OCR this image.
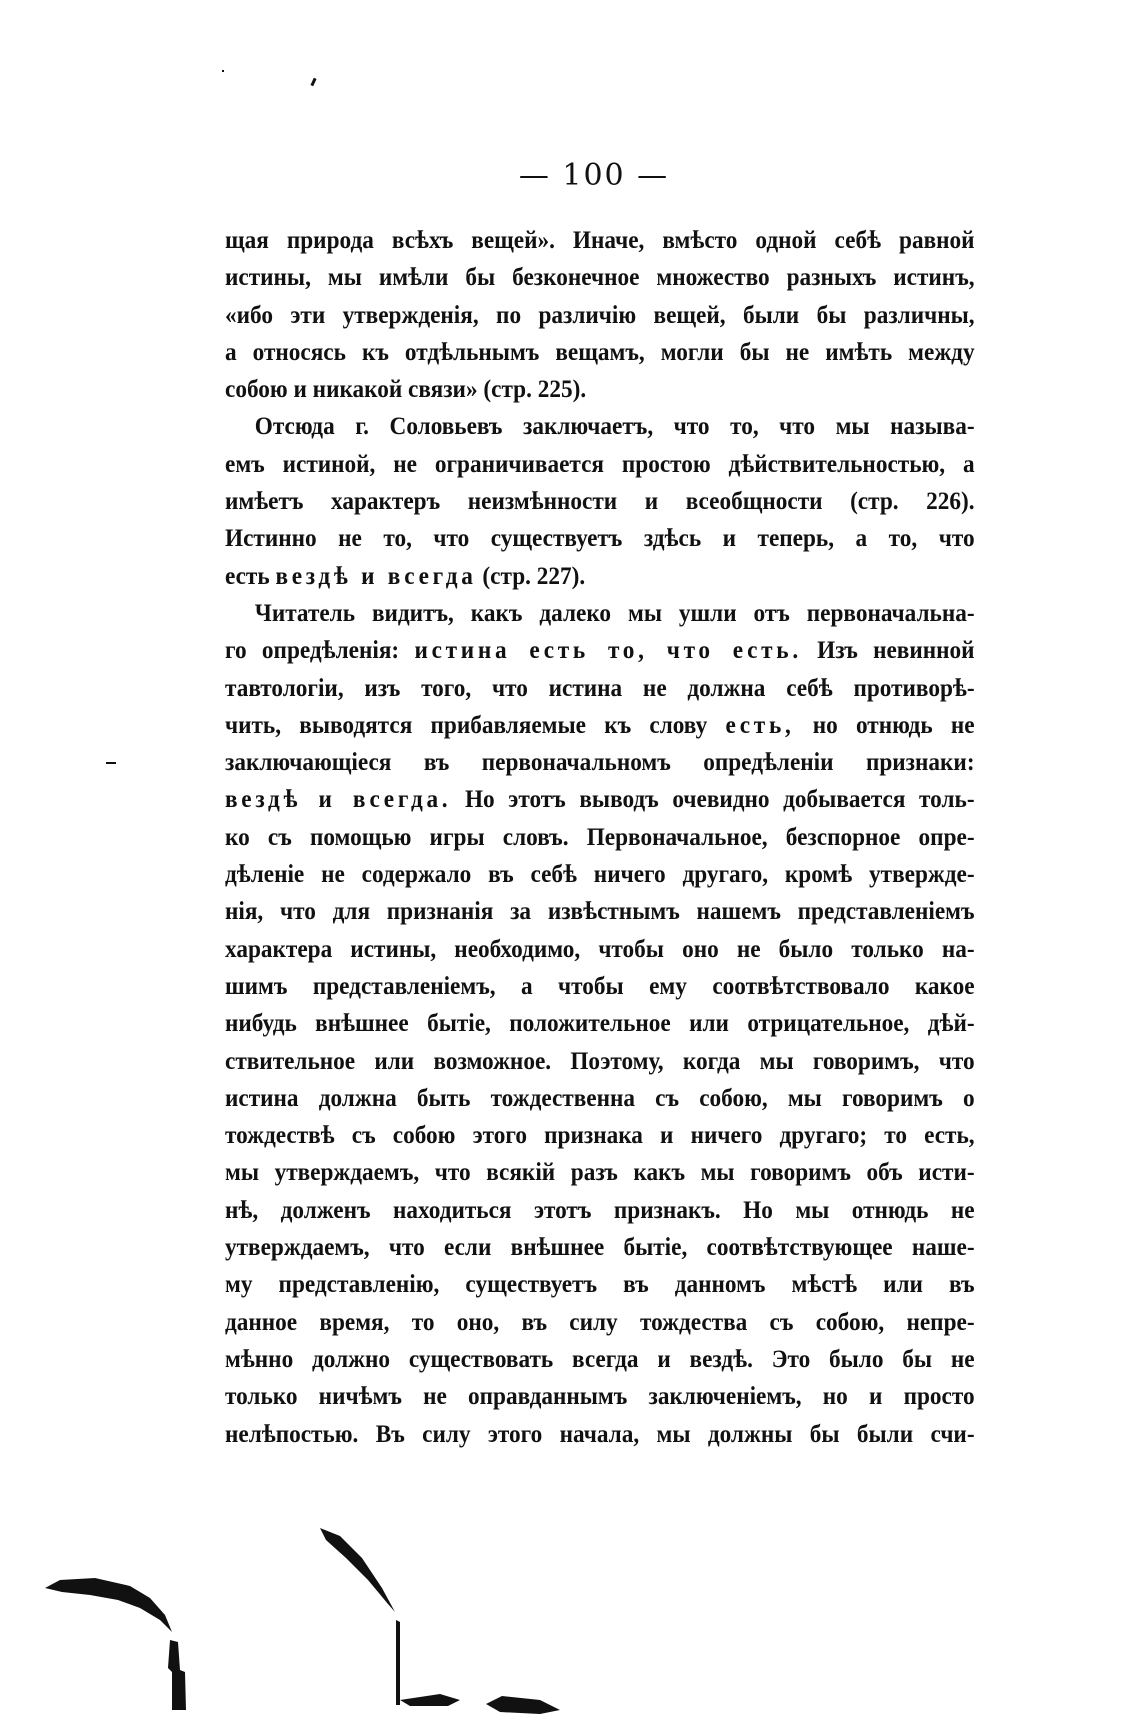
— 100 —
щая природа всѣхъ вещей». Иначе, вмѣсто одной себѣ равной
истины, мы имѣли бы безконечное множество разныхъ истинъ,
«ибо эти утвержденія, по различію вещей, были бы различны,
а относясь къ отдѣльнымъ вещамъ, могли бы не имѣть между
собою и никакой связи» (стр. 225).
Отсюда г. Соловьевъ заключаетъ, что то, что мы называ-
емъ истиной, не ограничивается простою дѣйствительностью, а
имѣетъ характеръ неизмѣнности и всеобщности (стр. 226).
Истинно не то, что существуетъ здѣсь и теперь, а то, что
есть вездѣ и всегда (стр. 227).
Читатель видитъ, какъ далеко мы ушли отъ первоначальна-
го опредѣленія: истина есть то, что есть. Изъ невинной
тавтологіи, изъ того, что истина не должна себѣ противорѣ-
чить, выводятся прибавляемые къ слову есть, но отнюдь не
заключающіеся въ первоначальномъ опредѣленіи признаки:
вездѣ и всегда. Но этотъ выводъ очевидно добывается толь-
ко съ помощью игры словъ. Первоначальное, безспорное опре-
дѣленіе не содержало въ себѣ ничего другаго, кромѣ утвержде-
нія, что для признанія за извѣстнымъ нашемъ представленіемъ
характера истины, необходимо, чтобы оно не было только на-
шимъ представленіемъ, а чтобы ему соотвѣтствовало какое
нибудь внѣшнее бытіе, положительное или отрицательное, дѣй-
ствительное или возможное. Поэтому, когда мы говоримъ, что
истина должна быть тождественна съ собою, мы говоримъ о
тождествѣ съ собою этого признака и ничего другаго; то есть,
мы утверждаемъ, что всякій разъ какъ мы говоримъ объ исти-
нѣ, долженъ находиться этотъ признакъ. Но мы отнюдь не
утверждаемъ, что если внѣшнее бытіе, соотвѣтствующее наше-
му представленію, существуетъ въ данномъ мѣстѣ или въ
данное время, то оно, въ силу тождества съ собою, непре-
мѣнно должно существовать всегда и вездѣ. Это было бы не
только ничѣмъ не оправданнымъ заключеніемъ, но и просто
нелѣпостью. Въ силу этого начала, мы должны бы были счи-
